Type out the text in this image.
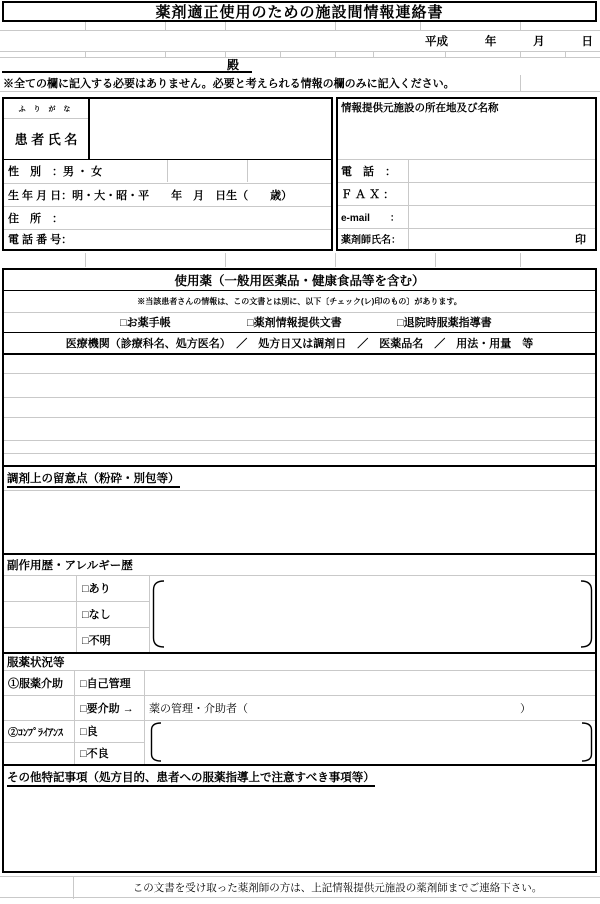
薬剤適正使用のための施設間情報連絡書
平成	年	月	日
殿
※全ての欄に記入する必要はありません。必要と考えられる情報の欄のみに記入ください。
ふ り が な
患 者 氏 名
性　別　： 男 ・ 女
生 年 月 日： 明・大・昭・平　　年　月　日生（　　歳）
住　所　：
電 話 番 号：
情報提供元施設の所在地及び名称
電　話　：
Ｆ Ａ Ｘ ：
e-mail　　：
薬剤師氏名：	印
使用薬（一般用医薬品・健康食品等を含む）
※当該患者さんの情報は、この文書とは別に、以下〔チェック(レ)印のもの〕があります。
□お薬手帳	□薬剤情報提供文書	□退院時服薬指導書
医療機関（診療科名、処方医名）　／　処方日又は調剤日　／　医薬品名　／　用法・用量　等
調剤上の留意点（粉砕・別包等）
副作用歴・アレルギー歴
□あり
□なし
□不明
服薬状況等
①服薬介助 □自己管理
□要介助 → 薬の管理・介助者（	）
②ｺﾝﾌﾟﾗｲｱﾝｽ □良
□不良
その他特記事項（処方目的、患者への服薬指導上で注意すべき事項等）
この文書を受け取った薬剤師の方は、上記情報提供元施設の薬剤師までご連絡下さい。
